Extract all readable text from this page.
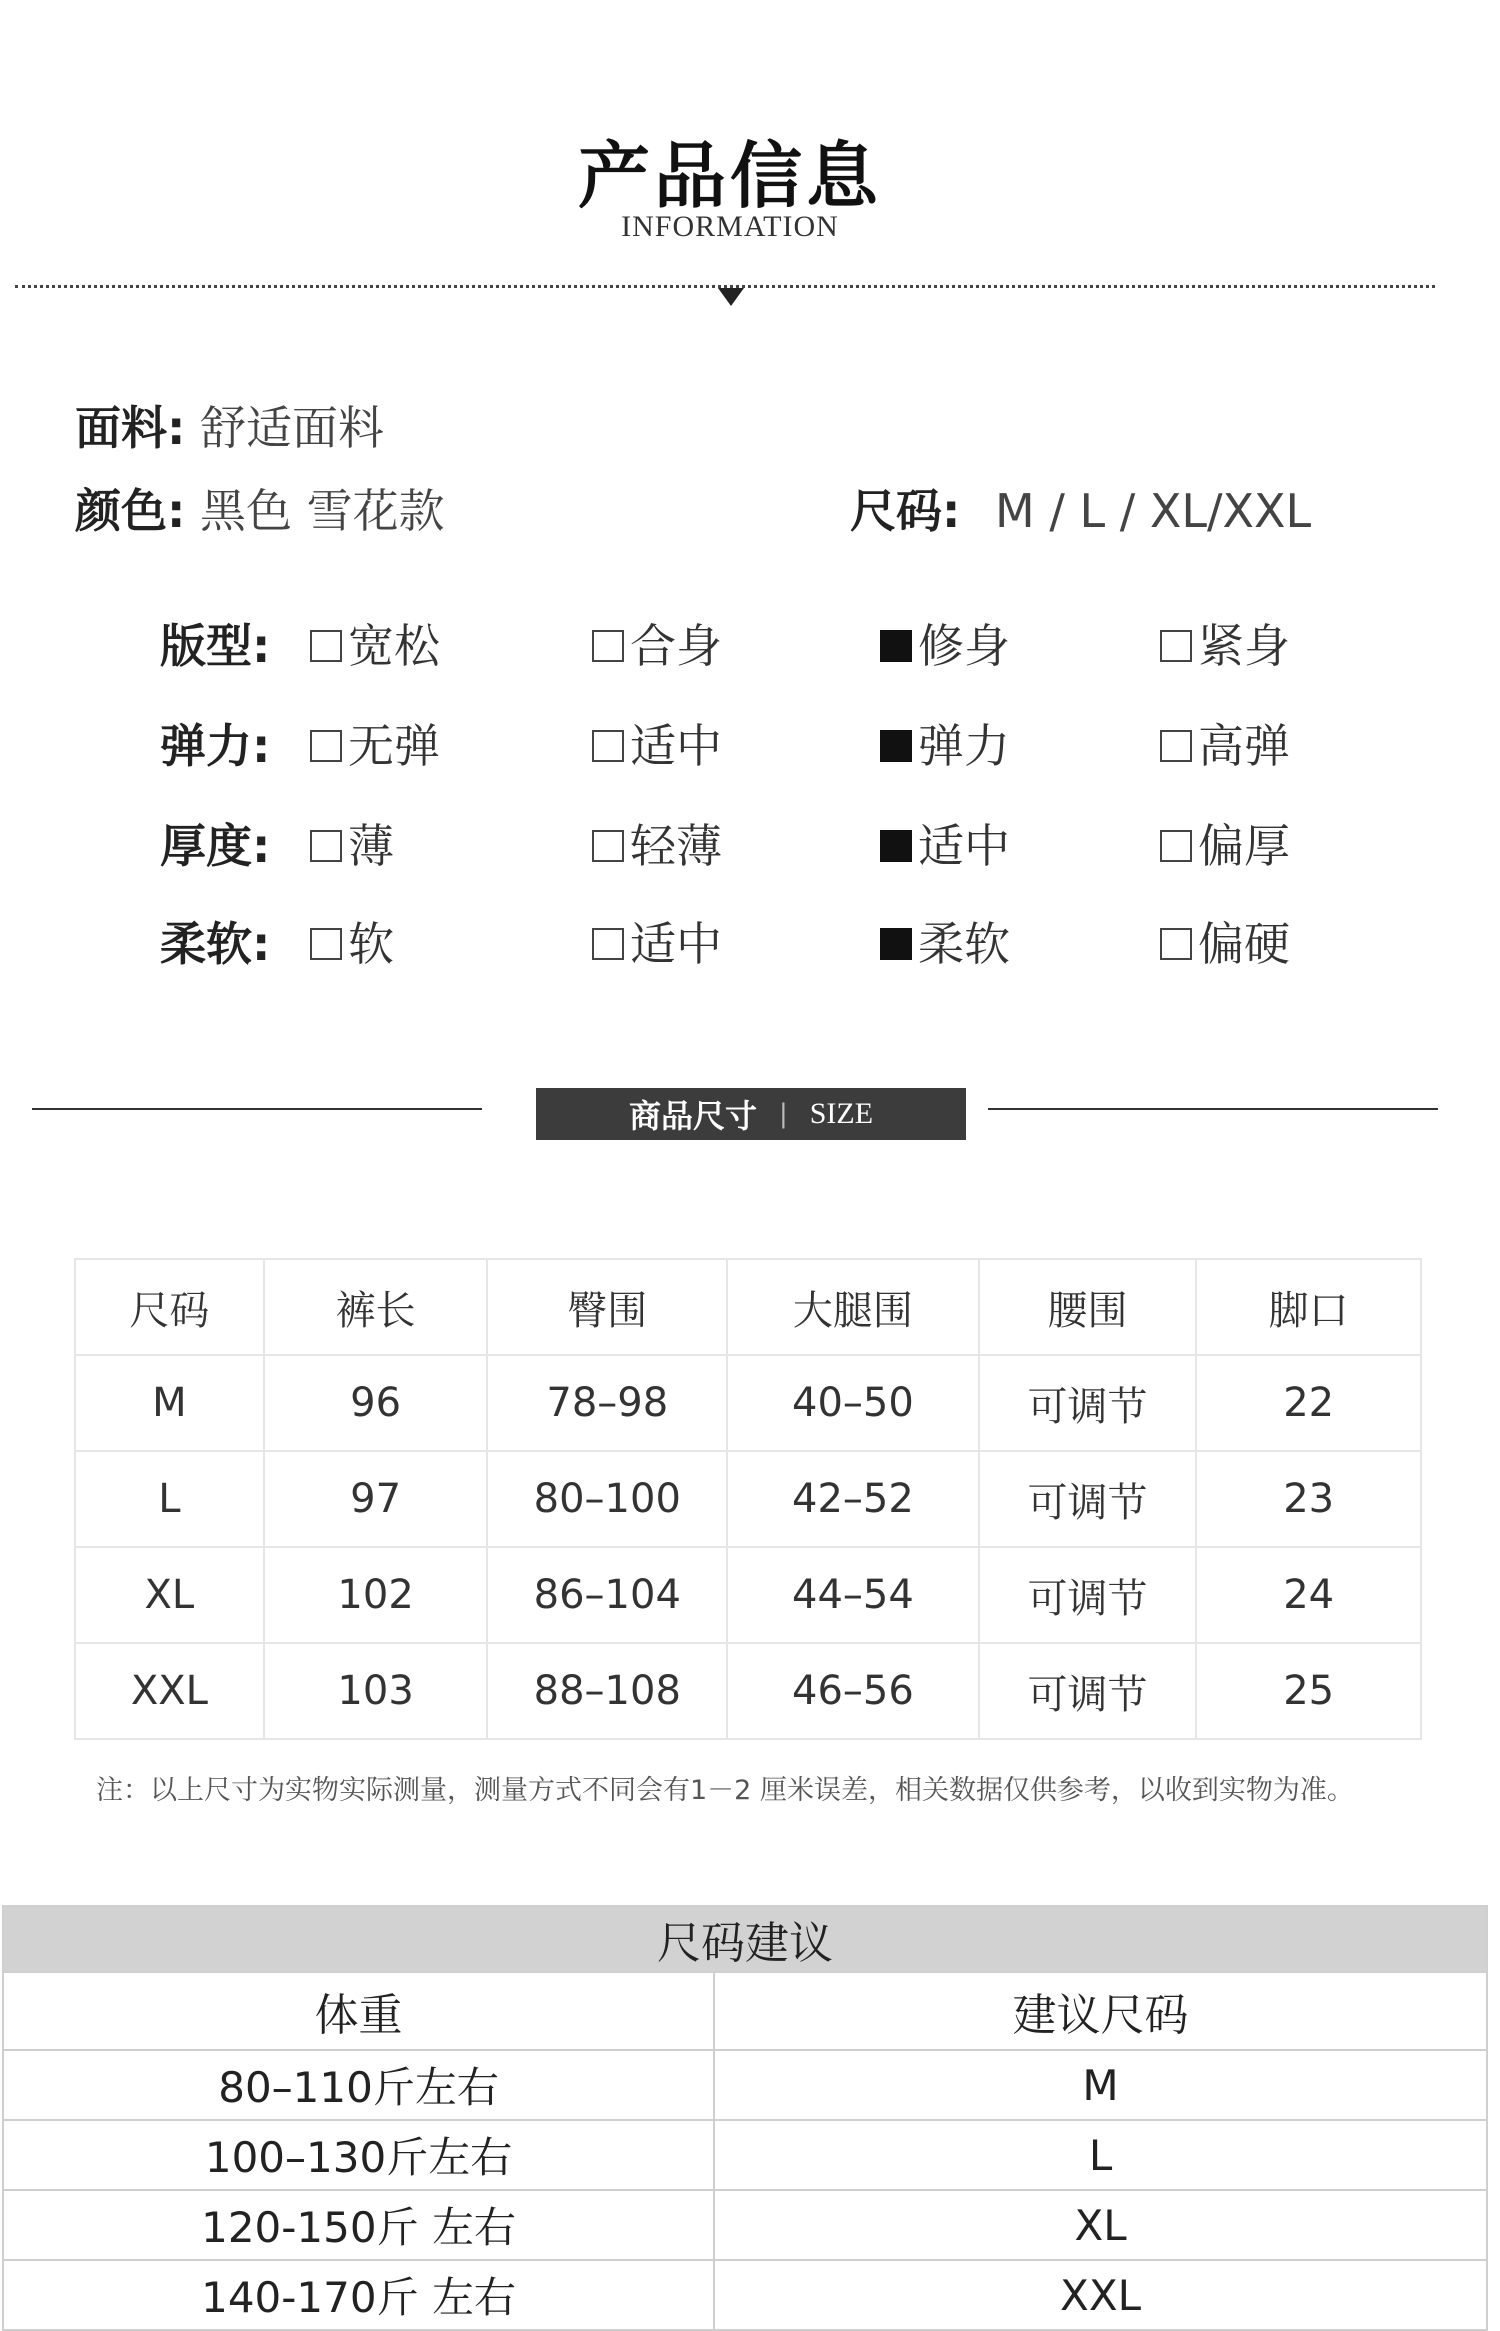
产品信息
INFORMATION
面料: 舒适面料
颜色: 黑色 雪花款	尺码: M / L / XL/XXL
版型:	宽松	合身	修身	紧身
弹力:	无弹	适中	弹力	高弹
厚度:	薄	轻薄	适中	偏厚
柔软:	软	适中	柔软	偏硬
商品尺寸 | SIZE
尺码	裤长	臀围	大腿围	腰围	脚口
M	96	78–98	40–50	可调节	22
L	97	80–100	42–52	可调节	23
XL	102	86–104	44–54	可调节	24
XXL	103	88–108	46–56	可调节	25
注：以上尺寸为实物实际测量，测量方式不同会有1－2 厘米误差，相关数据仅供参考，以收到实物为准。
尺码建议	
体重	建议尺码
80–110斤左右	M
100–130斤左右	L
120-150斤 左右	XL
140-170斤 左右	XXL
